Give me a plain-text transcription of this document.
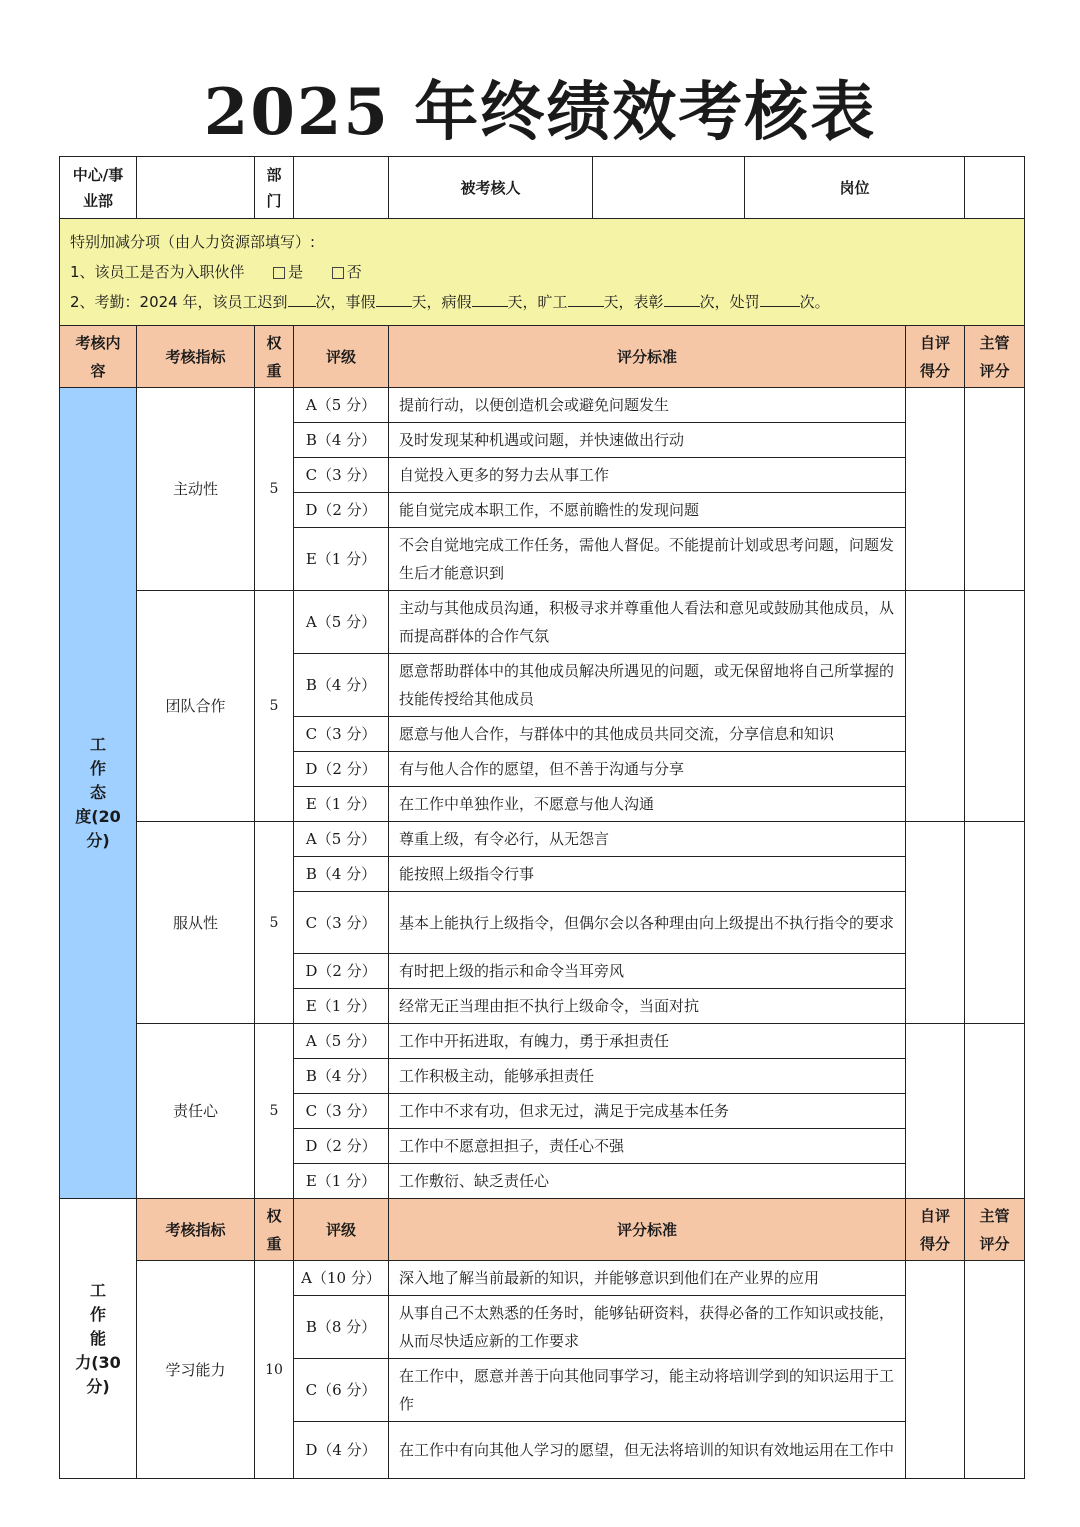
2025 年终绩效考核表
中心/事业部		部门		被考核人		岗位		

特别加减分项（由人力资源部填写）:
1、该员工是否为入职伙伴 是 否
2、考勤：2024 年，该员工迟到 次，事假 天，病假 天，旷工 天，表彰 次，处罚 次。								

考核内容	考核指标	权重	评级	评分标准			自评得分	主管评分

工
作
态
度(20
分)	主动性	5	A（5 分）	提前行动，以便创造机会或避免问题发生				
			B（4 分）	及时发现某种机遇或问题，并快速做出行动				
			C（3 分）	自觉投入更多的努力去从事工作				
			D（2 分）	能自觉完成本职工作，不愿前瞻性的发现问题				
			E（1 分）	不会自觉地完成工作任务，需他人督促。不能提前计划或思考问题，问题发生后才能意识到				
	团队合作	5	A（5 分）	主动与其他成员沟通，积极寻求并尊重他人看法和意见或鼓励其他成员，从而提高群体的合作气氛				
			B（4 分）	愿意帮助群体中的其他成员解决所遇见的问题，或无保留地将自己所掌握的技能传授给其他成员				
			C（3 分）	愿意与他人合作，与群体中的其他成员共同交流，分享信息和知识				
			D（2 分）	有与他人合作的愿望，但不善于沟通与分享				
			E（1 分）	在工作中单独作业，不愿意与他人沟通				
	服从性	5	A（5 分）	尊重上级，有令必行，从无怨言				
			B（4 分）	能按照上级指令行事				
			C（3 分）	基本上能执行上级指令，但偶尔会以各种理由向上级提出不执行指令的要求				
			D（2 分）	有时把上级的指示和命令当耳旁风				
			E（1 分）	经常无正当理由拒不执行上级命令，当面对抗				
	责任心	5	A（5 分）	工作中开拓进取，有魄力，勇于承担责任				
			B（4 分）	工作积极主动，能够承担责任				
			C（3 分）	工作中不求有功，但求无过，满足于完成基本任务				
			D（2 分）	工作中不愿意担担子，责任心不强				
			E（1 分）	工作敷衍、缺乏责任心				

工
作
能
力(30
分)	考核指标	权重	评级	评分标准			自评得分	主管评分
	学习能力	10	A（10 分）	深入地了解当前最新的知识，并能够意识到他们在产业界的应用				
			B（8 分）	从事自己不太熟悉的任务时，能够钻研资料，获得必备的工作知识或技能，从而尽快适应新的工作要求				
			C（6 分）	在工作中，愿意并善于向其他同事学习，能主动将培训学到的知识运用于工作				
			D（4 分）	在工作中有向其他人学习的愿望，但无法将培训的知识有效地运用在工作中				
